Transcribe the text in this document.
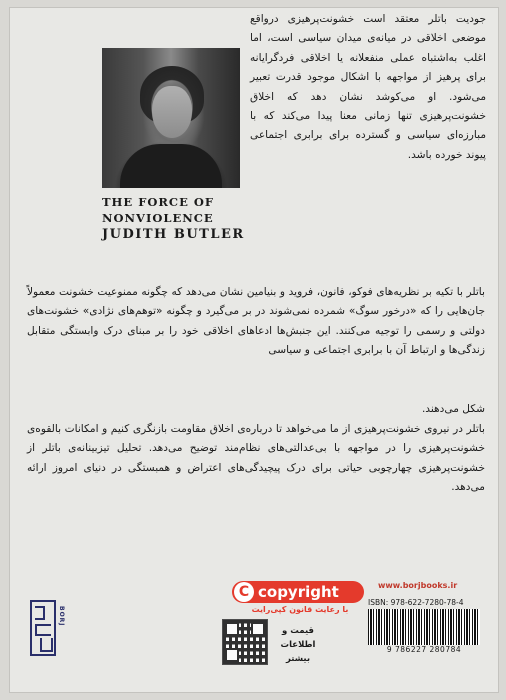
THE FORCE OF NONVIOLENCE
JUDITH BUTLER

جودیت باتلر معتقد است خشونت‌پرهیزی درواقع موضعی اخلاقی در میانه‌ی میدان سیاسی است، اما اغلب به‌اشتباه عملی منفعلانه یا اخلاقی فردگرایانه برای پرهیز از مواجهه با اشکال موجود قدرت تعبیر می‌شود. او می‌کوشد نشان دهد که اخلاق خشونت‌پرهیزی تنها زمانی معنا پیدا می‌کند که با مبارزه‌ای سیاسی و گسترده برای برابری اجتماعی پیوند خورده باشد.

باتلر با تکیه بر نظریه‌های فوکو، فانون، فروید و بنیامین نشان می‌دهد که چگونه ممنوعیت خشونت معمولاً جان‌هایی را که «درخور سوگ» شمرده نمی‌شوند در بر می‌گیرد و چگونه «توهم‌های نژادی» خشونت‌های دولتی و رسمی را توجیه می‌کنند. این جنبش‌ها ادعاهای اخلاقی خود را بر مبنای درک وابستگی متقابل زندگی‌ها و ارتباط آن با برابری اجتماعی و سیاسی

شکل می‌دهند.

باتلر در نیروی خشونت‌پرهیزی از ما می‌خواهد تا درباره‌ی اخلاق مقاومت بازنگری کنیم و امکانات بالقوه‌ی خشونت‌پرهیزی را در مواجهه با بی‌عدالتی‌های نظام‌مند توضیح می‌دهد. تحلیل تیزبینانه‌ی باتلر از خشونت‌پرهیزی چهارچوبی حیاتی برای درک پیچیدگی‌های اعتراض و همبستگی در دنیای امروز ارائه می‌دهد.

BORJ
C copyright
با رعایت قانون کپی‌رایت
قیمت و
اطلاعات بیشتر
www.borjbooks.ir
ISBN: 978-622-7280-78-4
9 786227 280784
